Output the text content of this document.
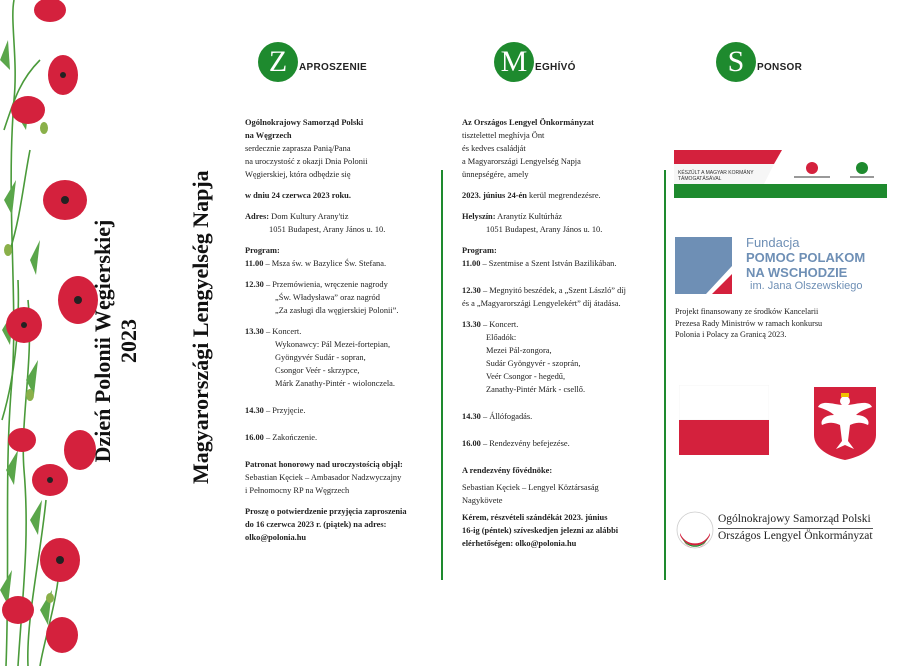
Dzień Polonii Węgierskiej 2023 Magyarországi Lengyelség Napja
Z	APROSZENIE	M EGHÍVÓ	S	PONSOR

Ogólnokrajowy Samorząd Polski

na Węgrzech

serdecznie zaprasza Panią/Pana

na uroczystość z okazji Dnia Polonii

Węgierskiej, która odbędzie się

w dniu 24 czerwca 2023 roku.

Adres: Dom Kultury Arany'tiz

1051 Budapest, Arany János u. 10.

Program:

11.00 – Msza św. w Bazylice Św. Stefana.

12.30 – Przemówienia, wręczenie nagrody

„Św. Władysława” oraz nagród

„Za zasługi dla węgierskiej Polonii”.

13.30 – Koncert.

Wykonawcy: Pál Mezei-fortepian,

Gyöngyvér Sudár - sopran,

Csongor Veér - skrzypce,

Márk Zanathy-Pintér - wiolonczela.

14.30 – Przyjęcie.

16.00 – Zakończenie.

Patronat honorowy nad uroczystością objął:

Sebastian Kęciek – Ambasador Nadzwyczajny

i Pełnomocny RP na Węgrzech

Proszę o potwierdzenie przyjęcia zaproszenia

do 16 czerwca 2023 r. (piątek) na adres:

olko@polonia.hu

Az Országos Lengyel Önkormányzat

tisztelettel meghívja Önt

és kedves családját

a Magyarországi Lengyelség Napja

ünnepségére, amely

2023. június 24-én kerül megrendezésre.

Helyszín: Aranytíz Kultúrház

1051 Budapest, Arany János u. 10.

Program:

11.00 – Szentmise a Szent István Bazilikában.

12.30 – Megnyitó beszédek, a „Szent László” díj

és a „Magyarországi Lengyelekért” díj átadása.

13.30 – Koncert.

Előadók:

Mezei Pál-zongora,

Sudár Gyöngyvér - szoprán,

Veér Csongor - hegedű,

Zanathy-Pintér Márk - csellő.

14.30 – Állófogadás.

16.00 – Rendezvény befejezése.

A rendezvény fővédnöke:

Sebastian Kęciek – Lengyel Köztársaság

Nagykövete

Kérem, részvételi szándékát 2023. június

16-ig (péntek) szíveskedjen jelezni az alábbi

elérhetőségen: olko@polonia.hu

KÉSZÜLT A MAGYAR KORMÁNY TÁMOGATÁSÁVAL
Fundacja
POMOC POLAKOM
NA WSCHODZIE
im. Jana Olszewskiego

Projekt finansowany ze środków Kancelarii

Prezesa Rady Ministrów w ramach konkursu

Polonia i Polacy za Granicą 2023.

Ogólnokrajowy Samorząd Polski
Országos Lengyel Önkormányzat
